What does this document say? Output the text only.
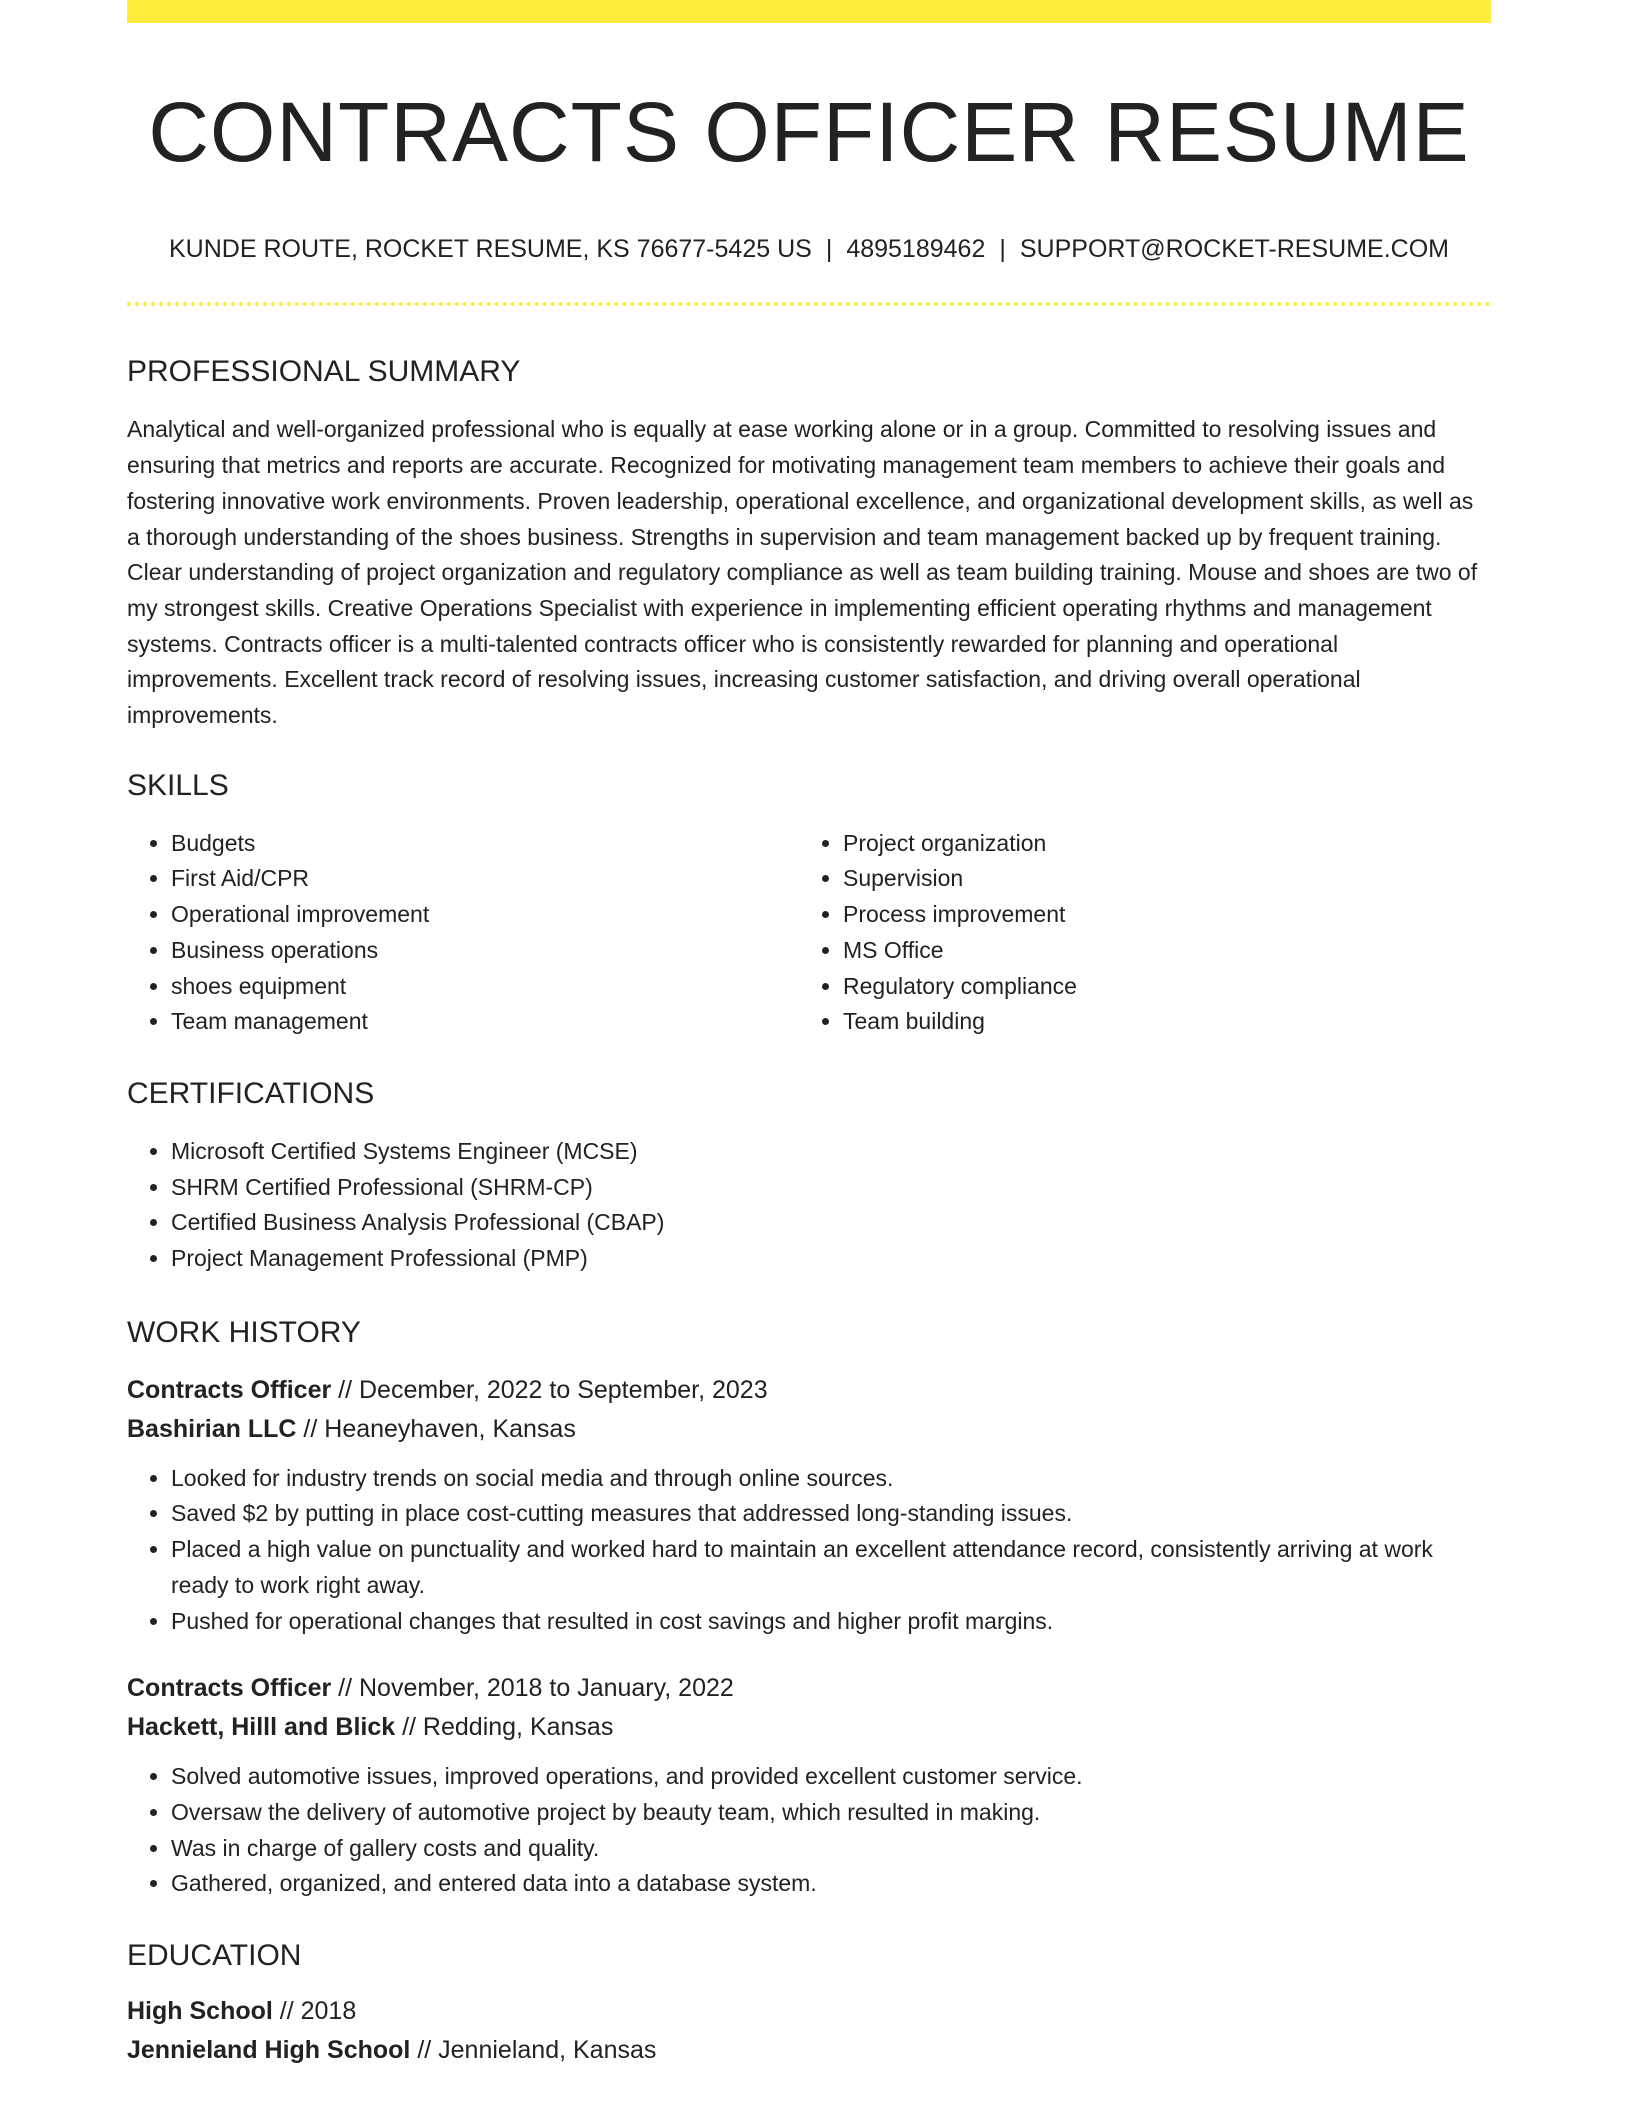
CONTRACTS OFFICER RESUME
KUNDE ROUTE, ROCKET RESUME, KS 76677-5425 US | 4895189462 | SUPPORT@ROCKET-RESUME.COM
PROFESSIONAL SUMMARY

Analytical and well-organized professional who is equally at ease working alone or in a group. Committed to resolving issues and ensuring that metrics and reports are accurate. Recognized for motivating management team members to achieve their goals and fostering innovative work environments. Proven leadership, operational excellence, and organizational development skills, as well as a thorough understanding of the shoes business. Strengths in supervision and team management backed up by frequent training. Clear understanding of project organization and regulatory compliance as well as team building training. Mouse and shoes are two of my strongest skills. Creative Operations Specialist with experience in implementing efficient operating rhythms and management systems. Contracts officer is a multi-talented contracts officer who is consistently rewarded for planning and operational improvements. Excellent track record of resolving issues, increasing customer satisfaction, and driving overall operational improvements.

SKILLS
• Budgets
• First Aid/CPR
• Operational improvement
• Business operations
• shoes equipment
• Team management
• Project organization
• Supervision
• Process improvement
• MS Office
• Regulatory compliance
• Team building
CERTIFICATIONS
• Microsoft Certified Systems Engineer (MCSE)
• SHRM Certified Professional (SHRM-CP)
• Certified Business Analysis Professional (CBAP)
• Project Management Professional (PMP)
WORK HISTORY
Contracts Officer // December, 2022 to September, 2023
Bashirian LLC // Heaneyhaven, Kansas
• Looked for industry trends on social media and through online sources.
• Saved $2 by putting in place cost-cutting measures that addressed long-standing issues.
• Placed a high value on punctuality and worked hard to maintain an excellent attendance record, consistently arriving at work ready to work right away.
• Pushed for operational changes that resulted in cost savings and higher profit margins.
Contracts Officer // November, 2018 to January, 2022
Hackett, Hilll and Blick // Redding, Kansas
• Solved automotive issues, improved operations, and provided excellent customer service.
• Oversaw the delivery of automotive project by beauty team, which resulted in making.
• Was in charge of gallery costs and quality.
• Gathered, organized, and entered data into a database system.
EDUCATION
High School // 2018
Jennieland High School // Jennieland, Kansas
